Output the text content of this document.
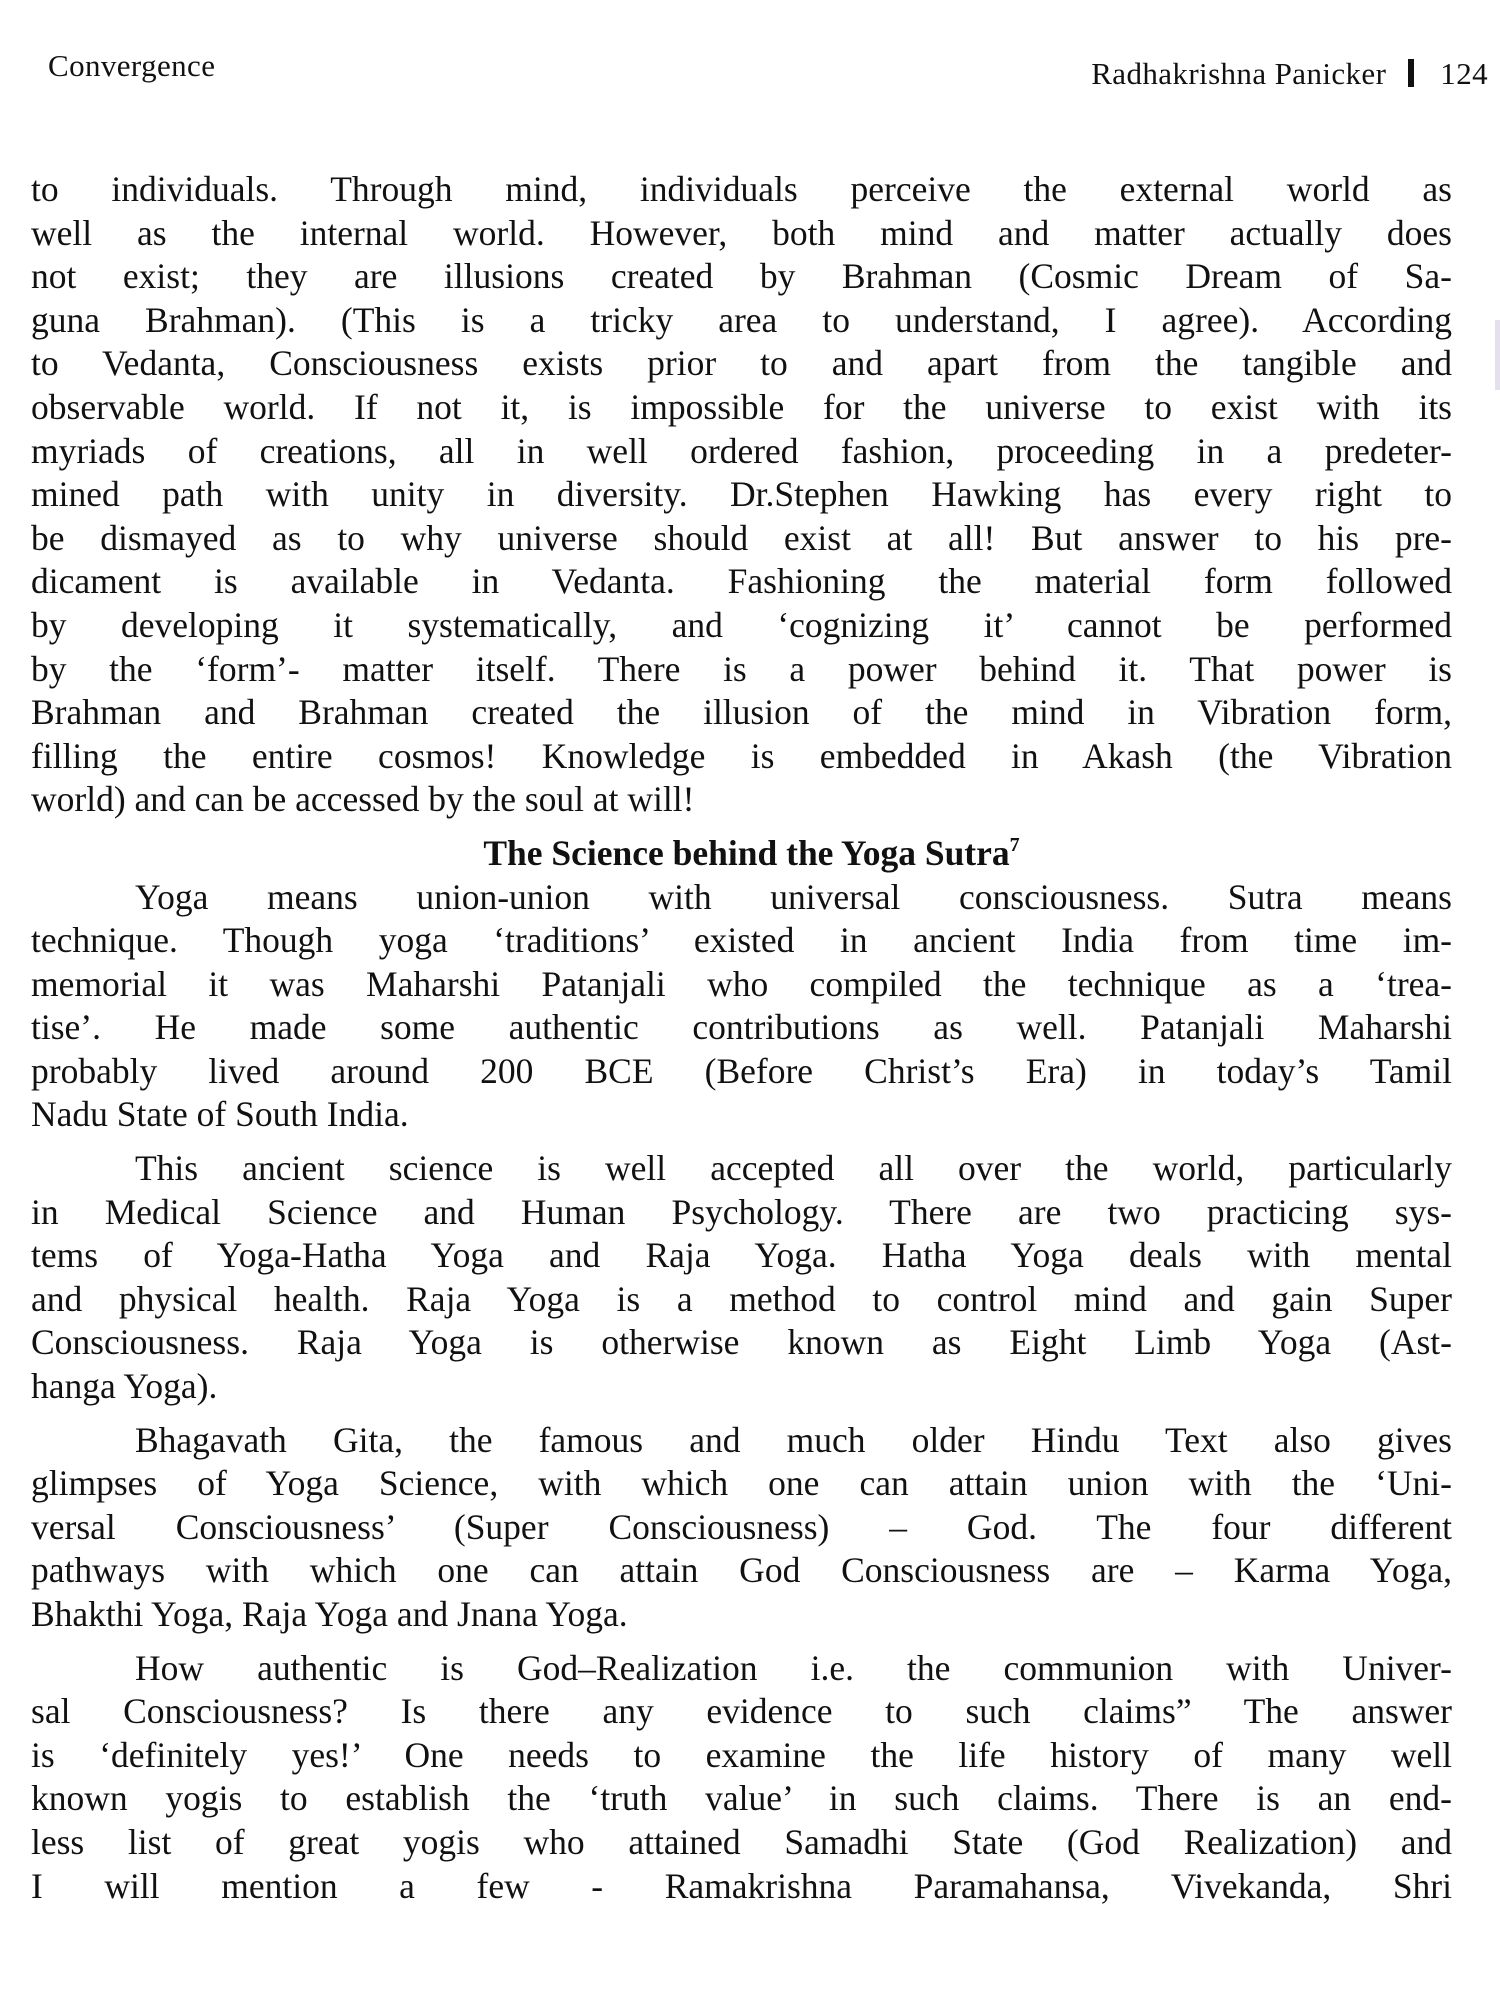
Convergence	Radhakrishna Panicker 124
to individuals. Through mind, individuals perceive the external world as
well as the internal world. However, both mind and matter actually does
not exist; they are illusions created by Brahman (Cosmic Dream of Sa-
guna Brahman). (This is a tricky area to understand, I agree). According
to Vedanta, Consciousness exists prior to and apart from the tangible and
observable world. If not it, is impossible for the universe to exist with its
myriads of creations, all in well ordered fashion, proceeding in a predeter-
mined path with unity in diversity. Dr.Stephen Hawking has every right to
be dismayed as to why universe should exist at all! But answer to his pre-
dicament is available in Vedanta. Fashioning the material form followed
by developing it systematically, and ‘cognizing it’ cannot be performed
by the ‘form’- matter itself. There is a power behind it. That power is
Brahman and Brahman created the illusion of the mind in Vibration form,
filling the entire cosmos! Knowledge is embedded in Akash (the Vibration
world) and can be accessed by the soul at will!
The Science behind the Yoga Sutra$^7$
Yoga means union-union with universal consciousness. Sutra means
technique. Though yoga ‘traditions’ existed in ancient India from time im-
memorial it was Maharshi Patanjali who compiled the technique as a ‘trea-
tise’. He made some authentic contributions as well. Patanjali Maharshi
probably lived around 200 BCE (Before Christ’s Era) in today’s Tamil
Nadu State of South India.
This ancient science is well accepted all over the world, particularly
in Medical Science and Human Psychology. There are two practicing sys-
tems of Yoga-Hatha Yoga and Raja Yoga. Hatha Yoga deals with mental
and physical health. Raja Yoga is a method to control mind and gain Super
Consciousness. Raja Yoga is otherwise known as Eight Limb Yoga (Ast-
hanga Yoga).
Bhagavath Gita, the famous and much older Hindu Text also gives
glimpses of Yoga Science, with which one can attain union with the ‘Uni-
versal Consciousness’ (Super Consciousness) – God. The four different
pathways with which one can attain God Consciousness are – Karma Yoga,
Bhakthi Yoga, Raja Yoga and Jnana Yoga.
How authentic is God–Realization i.e. the communion with Univer-
sal Consciousness? Is there any evidence to such claims” The answer
is ‘definitely yes!’ One needs to examine the life history of many well
known yogis to establish the ‘truth value’ in such claims. There is an end-
less list of great yogis who attained Samadhi State (God Realization) and
I will mention a few - Ramakrishna Paramahansa, Vivekanda, Shri
